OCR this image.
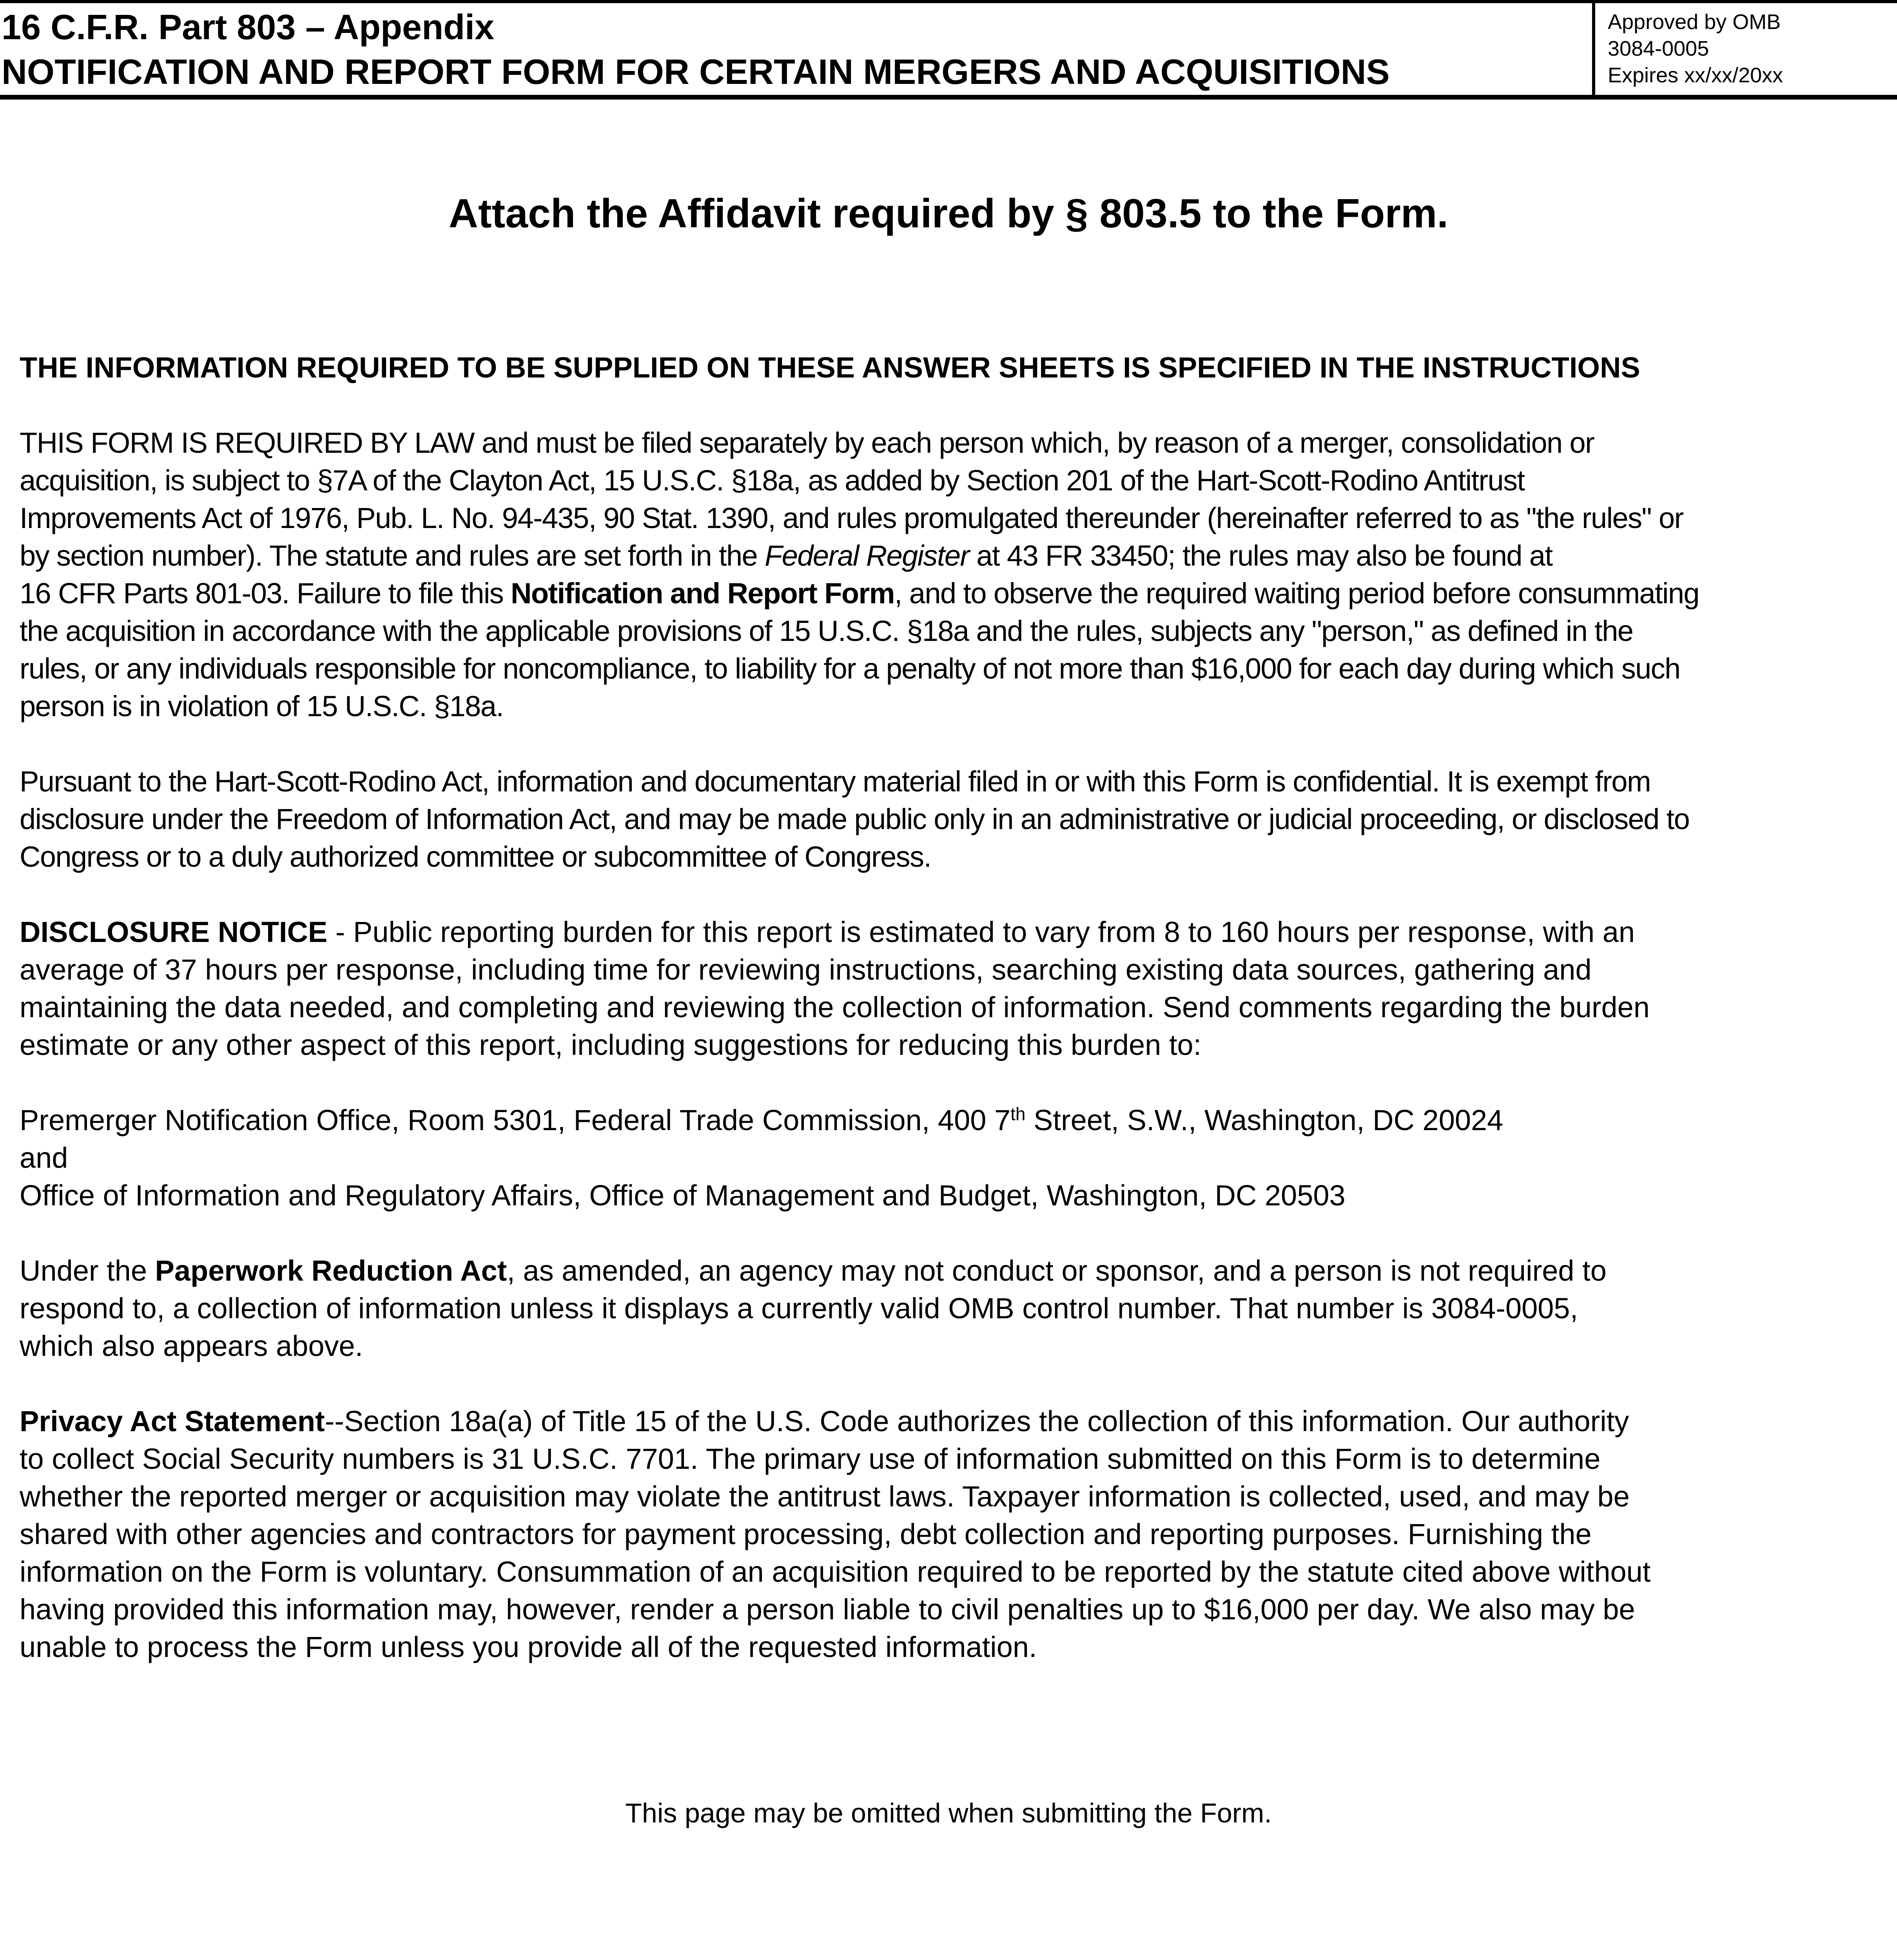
16 C.F.R. Part 803 – Appendix
NOTIFICATION AND REPORT FORM FOR CERTAIN MERGERS AND ACQUISITIONS
Approved by OMB
3084-0005
Expires xx/xx/20xx
Attach the Affidavit required by § 803.5 to the Form.
THE INFORMATION REQUIRED TO BE SUPPLIED ON THESE ANSWER SHEETS IS SPECIFIED IN THE INSTRUCTIONS
THIS FORM IS REQUIRED BY LAW and must be filed separately by each person which, by reason of a merger, consolidation or
acquisition, is subject to §7A of the Clayton Act, 15 U.S.C. §18a, as added by Section 201 of the Hart-Scott-Rodino Antitrust
Improvements Act of 1976, Pub. L. No. 94-435, 90 Stat. 1390, and rules promulgated thereunder (hereinafter referred to as "the rules" or
by section number). The statute and rules are set forth in the Federal Register at 43 FR 33450; the rules may also be found at
16 CFR Parts 801-03. Failure to file this Notification and Report Form, and to observe the required waiting period before consummating
the acquisition in accordance with the applicable provisions of 15 U.S.C. §18a and the rules, subjects any "person," as defined in the
rules, or any individuals responsible for noncompliance, to liability for a penalty of not more than $16,000 for each day during which such
person is in violation of 15 U.S.C. §18a.
Pursuant to the Hart-Scott-Rodino Act, information and documentary material filed in or with this Form is confidential. It is exempt from
disclosure under the Freedom of Information Act, and may be made public only in an administrative or judicial proceeding, or disclosed to
Congress or to a duly authorized committee or subcommittee of Congress.
DISCLOSURE NOTICE - Public reporting burden for this report is estimated to vary from 8 to 160 hours per response, with an
average of 37 hours per response, including time for reviewing instructions, searching existing data sources, gathering and
maintaining the data needed, and completing and reviewing the collection of information. Send comments regarding the burden
estimate or any other aspect of this report, including suggestions for reducing this burden to:
Premerger Notification Office, Room 5301, Federal Trade Commission, 400 7th Street, S.W., Washington, DC 20024
and
Office of Information and Regulatory Affairs, Office of Management and Budget, Washington, DC 20503
Under the Paperwork Reduction Act, as amended, an agency may not conduct or sponsor, and a person is not required to
respond to, a collection of information unless it displays a currently valid OMB control number. That number is 3084-0005,
which also appears above.
Privacy Act Statement--Section 18a(a) of Title 15 of the U.S. Code authorizes the collection of this information. Our authority
to collect Social Security numbers is 31 U.S.C. 7701. The primary use of information submitted on this Form is to determine
whether the reported merger or acquisition may violate the antitrust laws. Taxpayer information is collected, used, and may be
shared with other agencies and contractors for payment processing, debt collection and reporting purposes. Furnishing the
information on the Form is voluntary. Consummation of an acquisition required to be reported by the statute cited above without
having provided this information may, however, render a person liable to civil penalties up to $16,000 per day. We also may be
unable to process the Form unless you provide all of the requested information.
This page may be omitted when submitting the Form.
